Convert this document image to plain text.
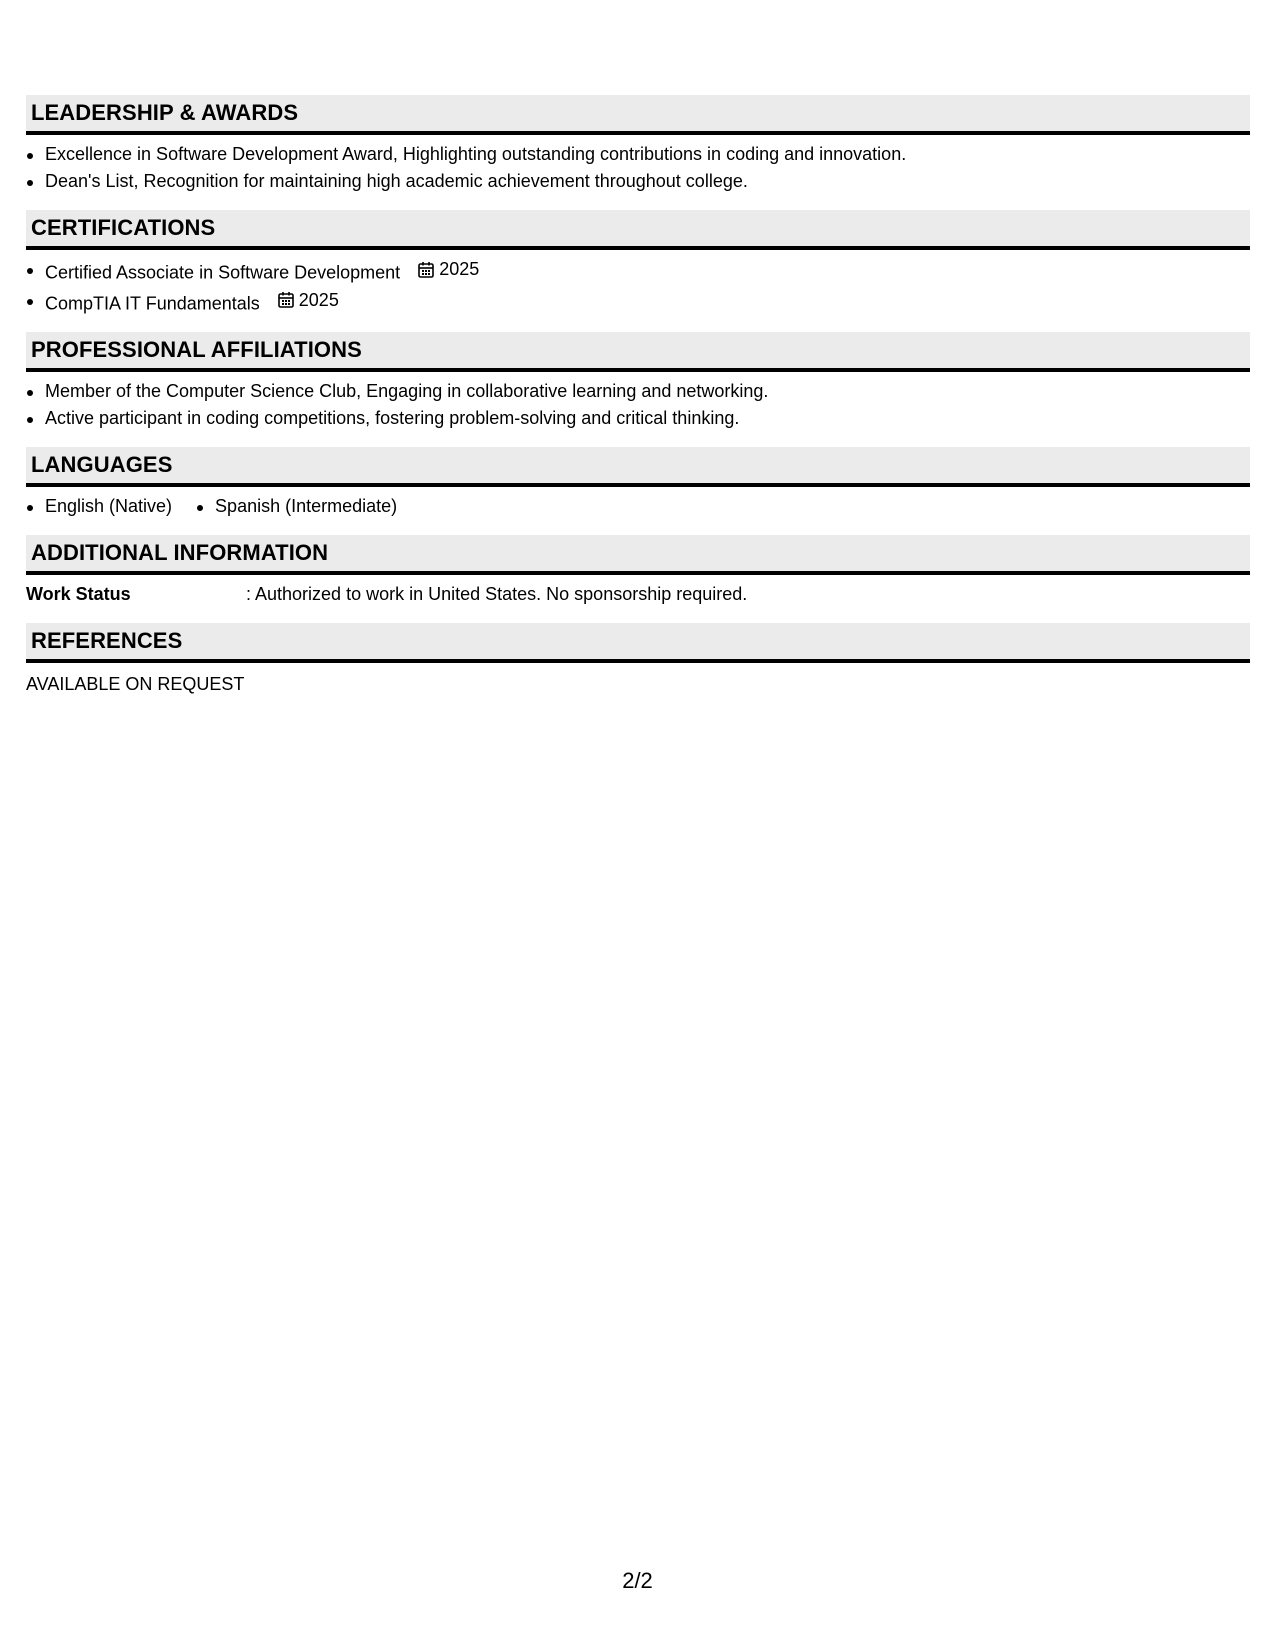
LEADERSHIP & AWARDS
Excellence in Software Development Award, Highlighting outstanding contributions in coding and innovation.
Dean's List, Recognition for maintaining high academic achievement throughout college.
CERTIFICATIONS
Certified Associate in Software Development 2025
CompTIA IT Fundamentals 2025
PROFESSIONAL AFFILIATIONS
Member of the Computer Science Club, Engaging in collaborative learning and networking.
Active participant in coding competitions, fostering problem-solving and critical thinking.
LANGUAGES
English (Native)	Spanish (Intermediate)
ADDITIONAL INFORMATION
Work Status	: Authorized to work in United States. No sponsorship required.
REFERENCES
AVAILABLE ON REQUEST
2/2
